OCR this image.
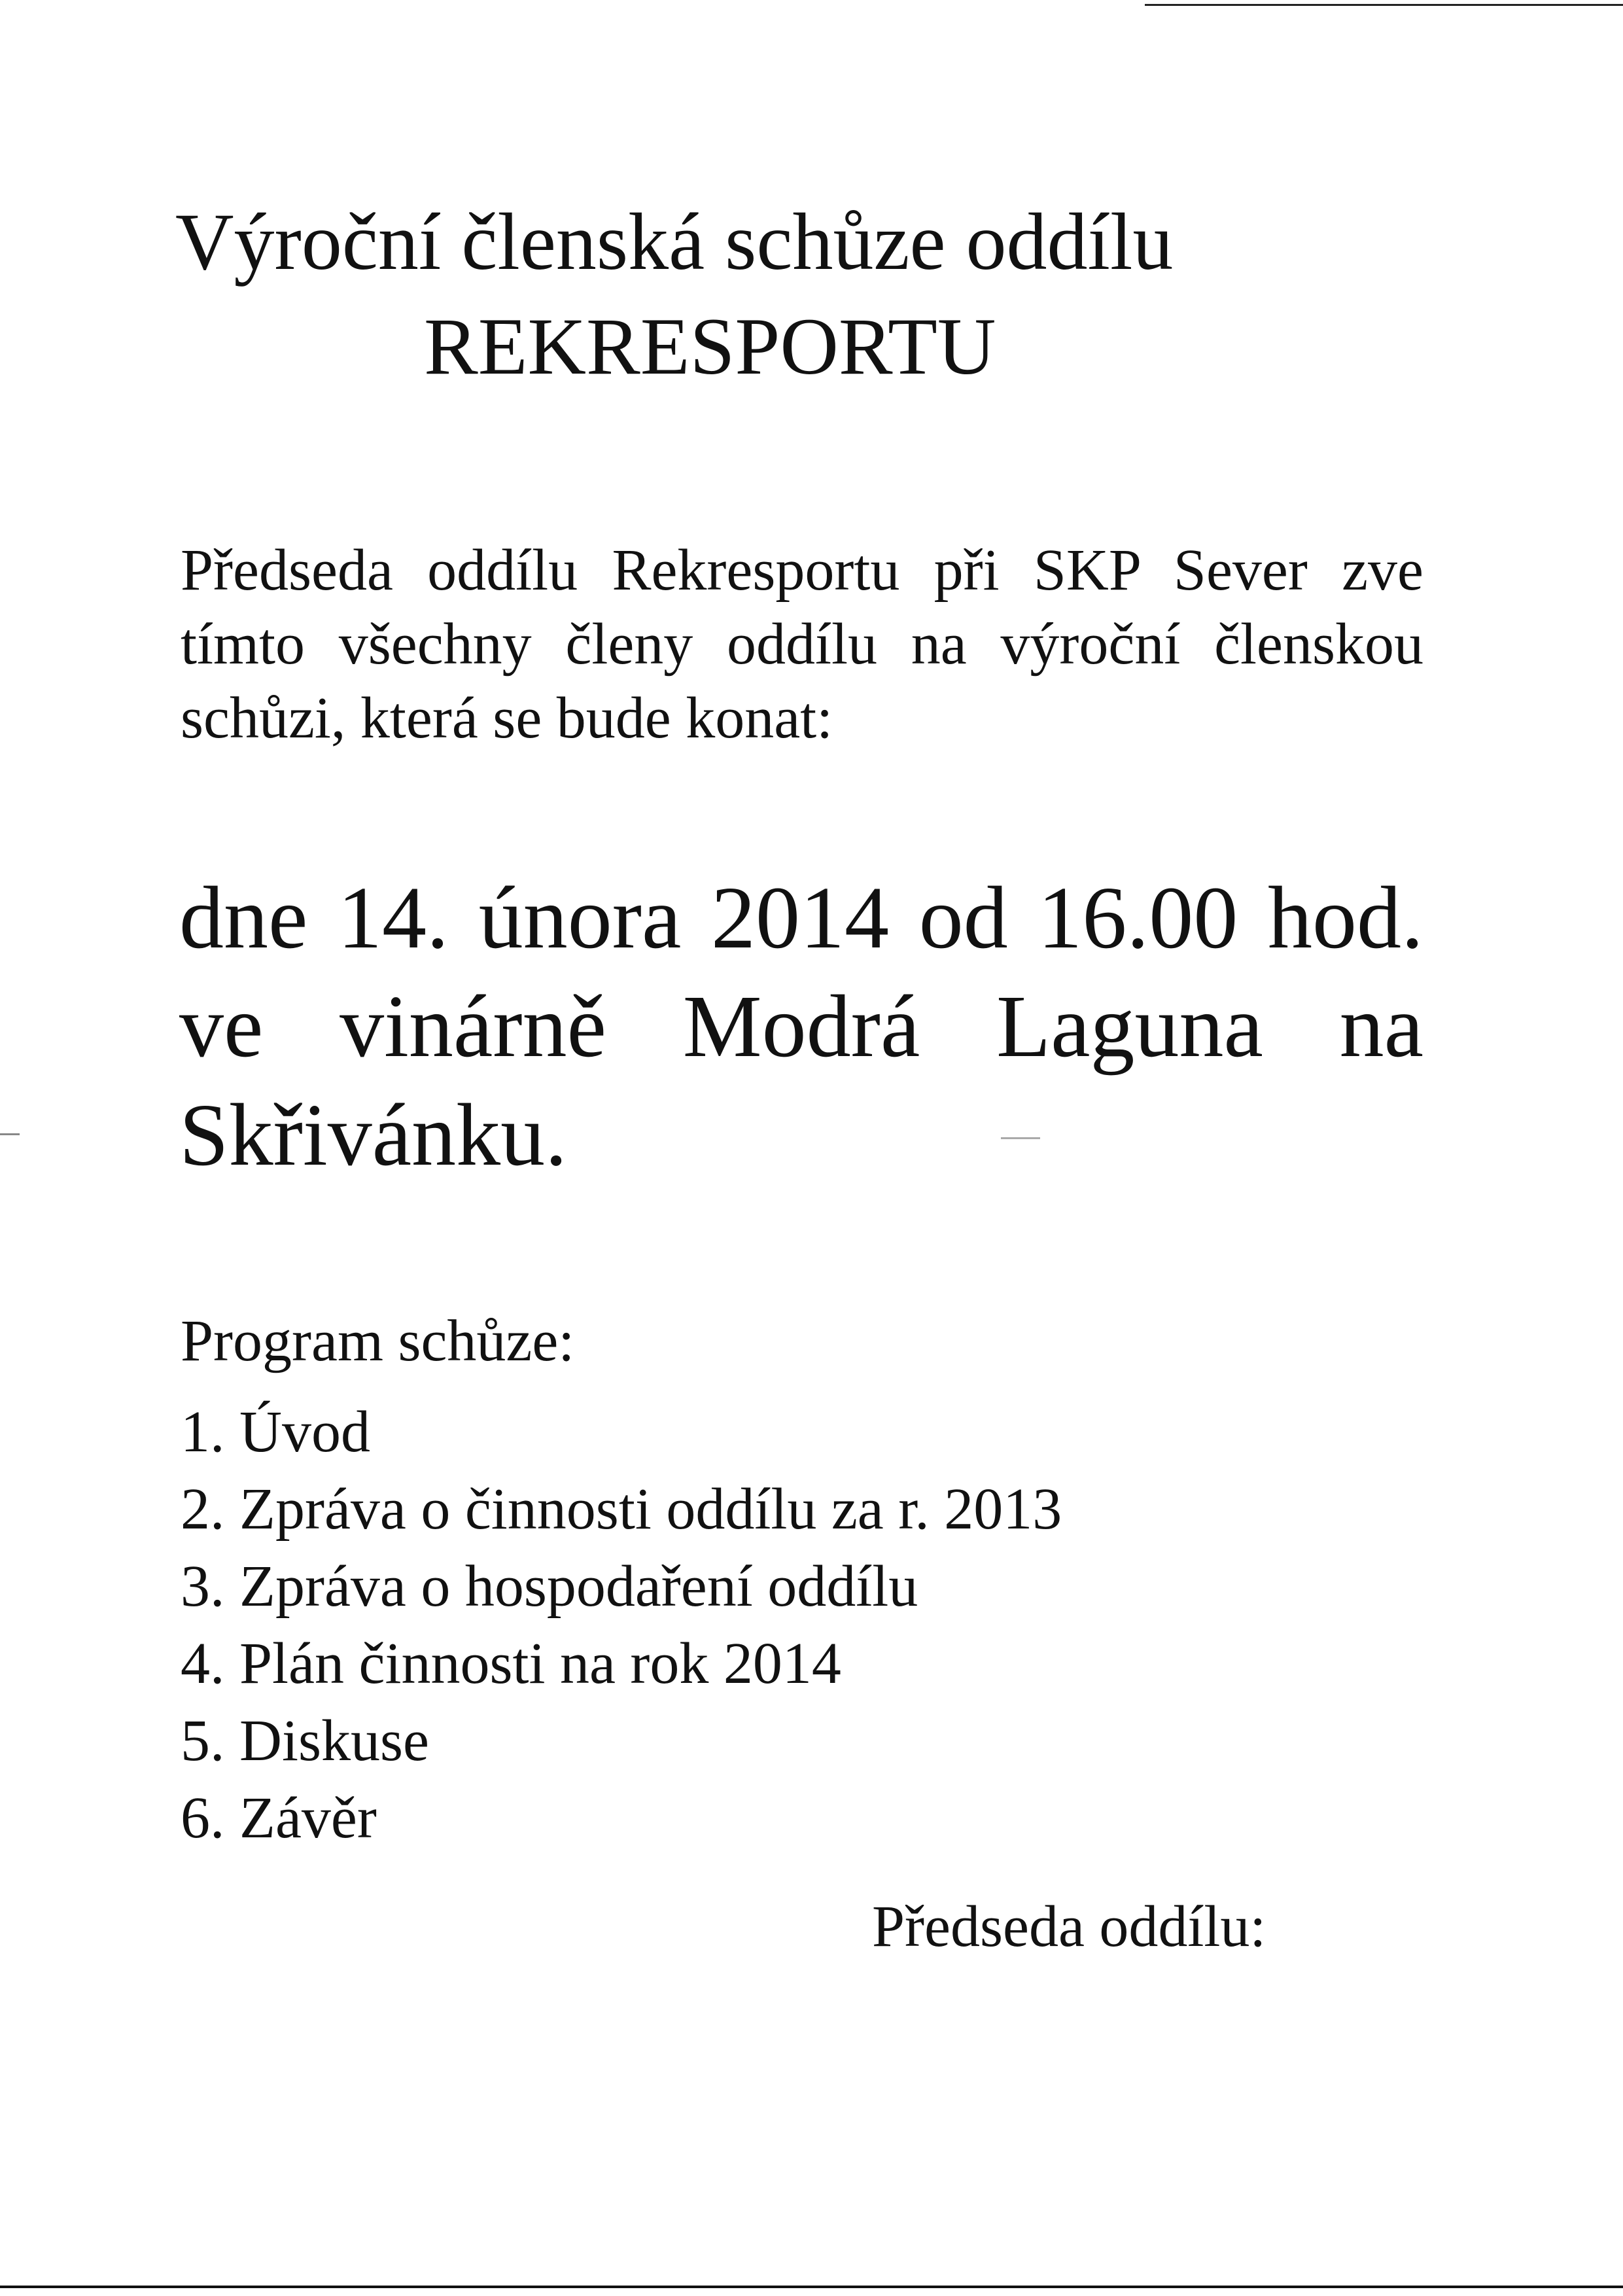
Výroční členská schůze oddílu
REKRESPORTU

Předseda oddílu Rekresportu při SKP Sever zve tímto všechny členy oddílu na výroční členskou schůzi, která se bude konat:

dne 14. února 2014 od 16.00 hod. ve vinárně Modrá Laguna na Skřivánku.

Program schůze:
1. Úvod
2. Zpráva o činnosti oddílu za r. 2013
3. Zpráva o hospodaření oddílu
4. Plán činnosti na rok 2014
5. Diskuse
6. Závěr
Předseda oddílu:
